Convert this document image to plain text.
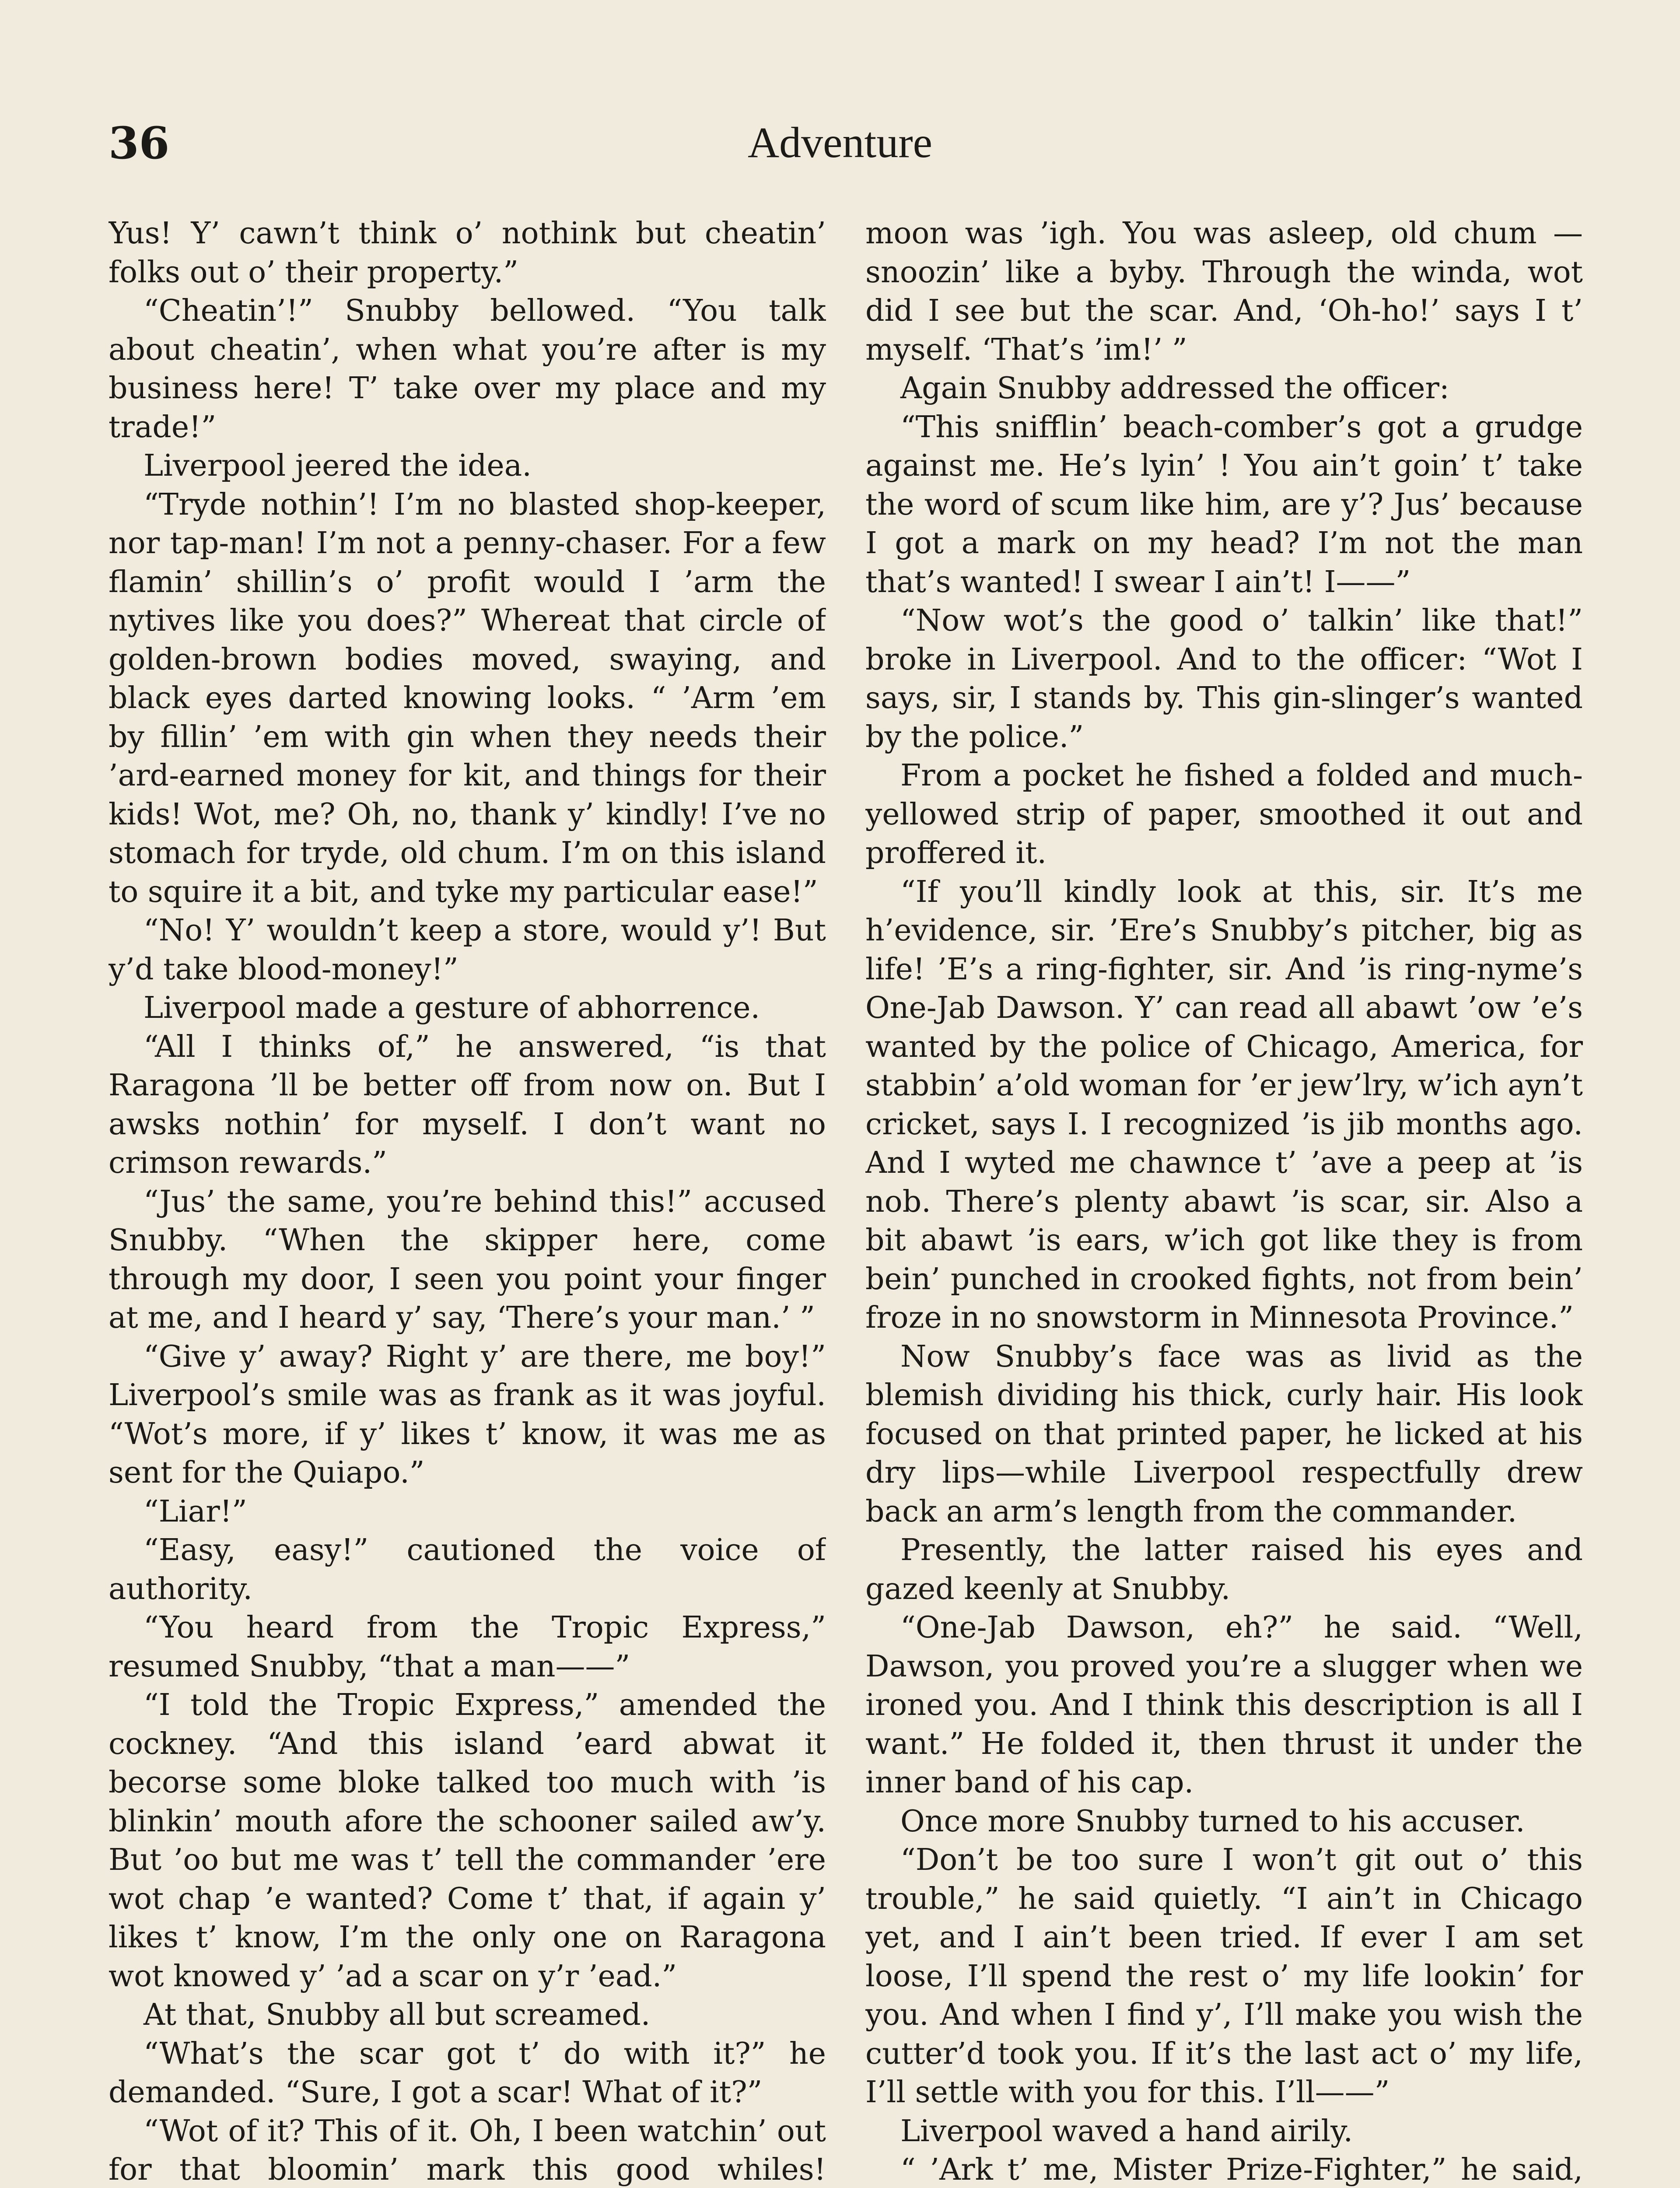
36	Adventure

Yus! Y’ cawn’t think o’ nothink but cheatin’ folks out o’ their property.”

“Cheatin’!” Snubby bellowed. “You talk about cheatin’, when what you’re after is my business here! T’ take over my place and my trade!”

Liverpool jeered the idea.

“Tryde nothin’! I’m no blasted shop-keeper, nor tap-man! I’m not a penny-chaser. For a few flamin’ shillin’s o’ profit would I ’arm the nytives like you does?” Whereat that circle of golden-brown bodies moved, swaying, and black eyes darted knowing looks. “ ’Arm ’em by fillin’ ’em with gin when they needs their ’ard-earned money for kit, and things for their kids! Wot, me? Oh, no, thank y’ kindly! I’ve no stomach for tryde, old chum. I’m on this island to squire it a bit, and tyke my particular ease!”

“No! Y’ wouldn’t keep a store, would y’! But y’d take blood-money!”

Liverpool made a gesture of abhorrence.

“All I thinks of,” he answered, “is that Raragona ’ll be better off from now on. But I awsks nothin’ for myself. I don’t want no crimson rewards.”

“Jus’ the same, you’re behind this!” accused Snubby. “When the skipper here, come through my door, I seen you point your finger at me, and I heard y’ say, ‘There’s your man.’ ”

“Give y’ away? Right y’ are there, me boy!” Liverpool’s smile was as frank as it was joyful. “Wot’s more, if y’ likes t’ know, it was me as sent for the Quiapo.”

“Liar!”

“Easy, easy!” cautioned the voice of authority.

“You heard from the Tropic Express,” resumed Snubby, “that a man——”

“I told the Tropic Express,” amended the cockney. “And this island ’eard abwat it becorse some bloke talked too much with ’is blinkin’ mouth afore the schooner sailed aw’y. But ’oo but me was t’ tell the commander ’ere wot chap ’e wanted? Come t’ that, if again y’ likes t’ know, I’m the only one on Raragona wot knowed y’ ’ad a scar on y’r ’ead.”

At that, Snubby all but screamed.

“What’s the scar got t’ do with it?” he demanded. “Sure, I got a scar! What of it?”

“Wot of it? This of it. Oh, I been watchin’ out for that bloomin’ mark this good whiles!

moon was ’igh. You was asleep, old chum —snoozin’ like a byby. Through the winda, wot did I see but the scar. And, ‘Oh-ho!’ says I t’ myself. ‘That’s ’im!’ ”

Again Snubby addressed the officer:

“This snifflin’ beach-comber’s got a grudge against me. He’s lyin’ ! You ain’t goin’ t’ take the word of scum like him, are y’? Jus’ because I got a mark on my head? I’m not the man that’s wanted! I swear I ain’t! I——”

“Now wot’s the good o’ talkin’ like that!” broke in Liverpool. And to the officer: “Wot I says, sir, I stands by. This gin-slinger’s wanted by the police.”

From a pocket he fished a folded and much-yellowed strip of paper, smoothed it out and proffered it.

“If you’ll kindly look at this, sir. It’s me h’evidence, sir. ’Ere’s Snubby’s pitcher, big as life! ’E’s a ring-fighter, sir. And ’is ring-nyme’s One-Jab Dawson. Y’ can read all abawt ’ow ’e’s wanted by the police of Chicago, America, for stabbin’ a’old woman for ’er jew’lry, w’ich ayn’t cricket, says I. I recognized ’is jib months ago. And I wyted me chawnce t’ ’ave a peep at ’is nob. There’s plenty abawt ’is scar, sir. Also a bit abawt ’is ears, w’ich got like they is from bein’ punched in crooked fights, not from bein’ froze in no snowstorm in Minnesota Province.”

Now Snubby’s face was as livid as the blemish dividing his thick, curly hair. His look focused on that printed paper, he licked at his dry lips—while Liverpool respectfully drew back an arm’s length from the commander.

Presently, the latter raised his eyes and gazed keenly at Snubby.

“One-Jab Dawson, eh?” he said. “Well, Dawson, you proved you’re a slugger when we ironed you. And I think this description is all I want.” He folded it, then thrust it under the inner band of his cap.

Once more Snubby turned to his accuser.

“Don’t be too sure I won’t git out o’ this trouble,” he said quietly. “I ain’t in Chicago yet, and I ain’t been tried. If ever I am set loose, I’ll spend the rest o’ my life lookin’ for you. And when I find y’, I’ll make you wish the cutter’d took you. If it’s the last act o’ my life, I’ll settle with you for this. I’ll——”

Liverpool waved a hand airily.

“ ’Ark t’ me, Mister Prize-Fighter,” he said,
